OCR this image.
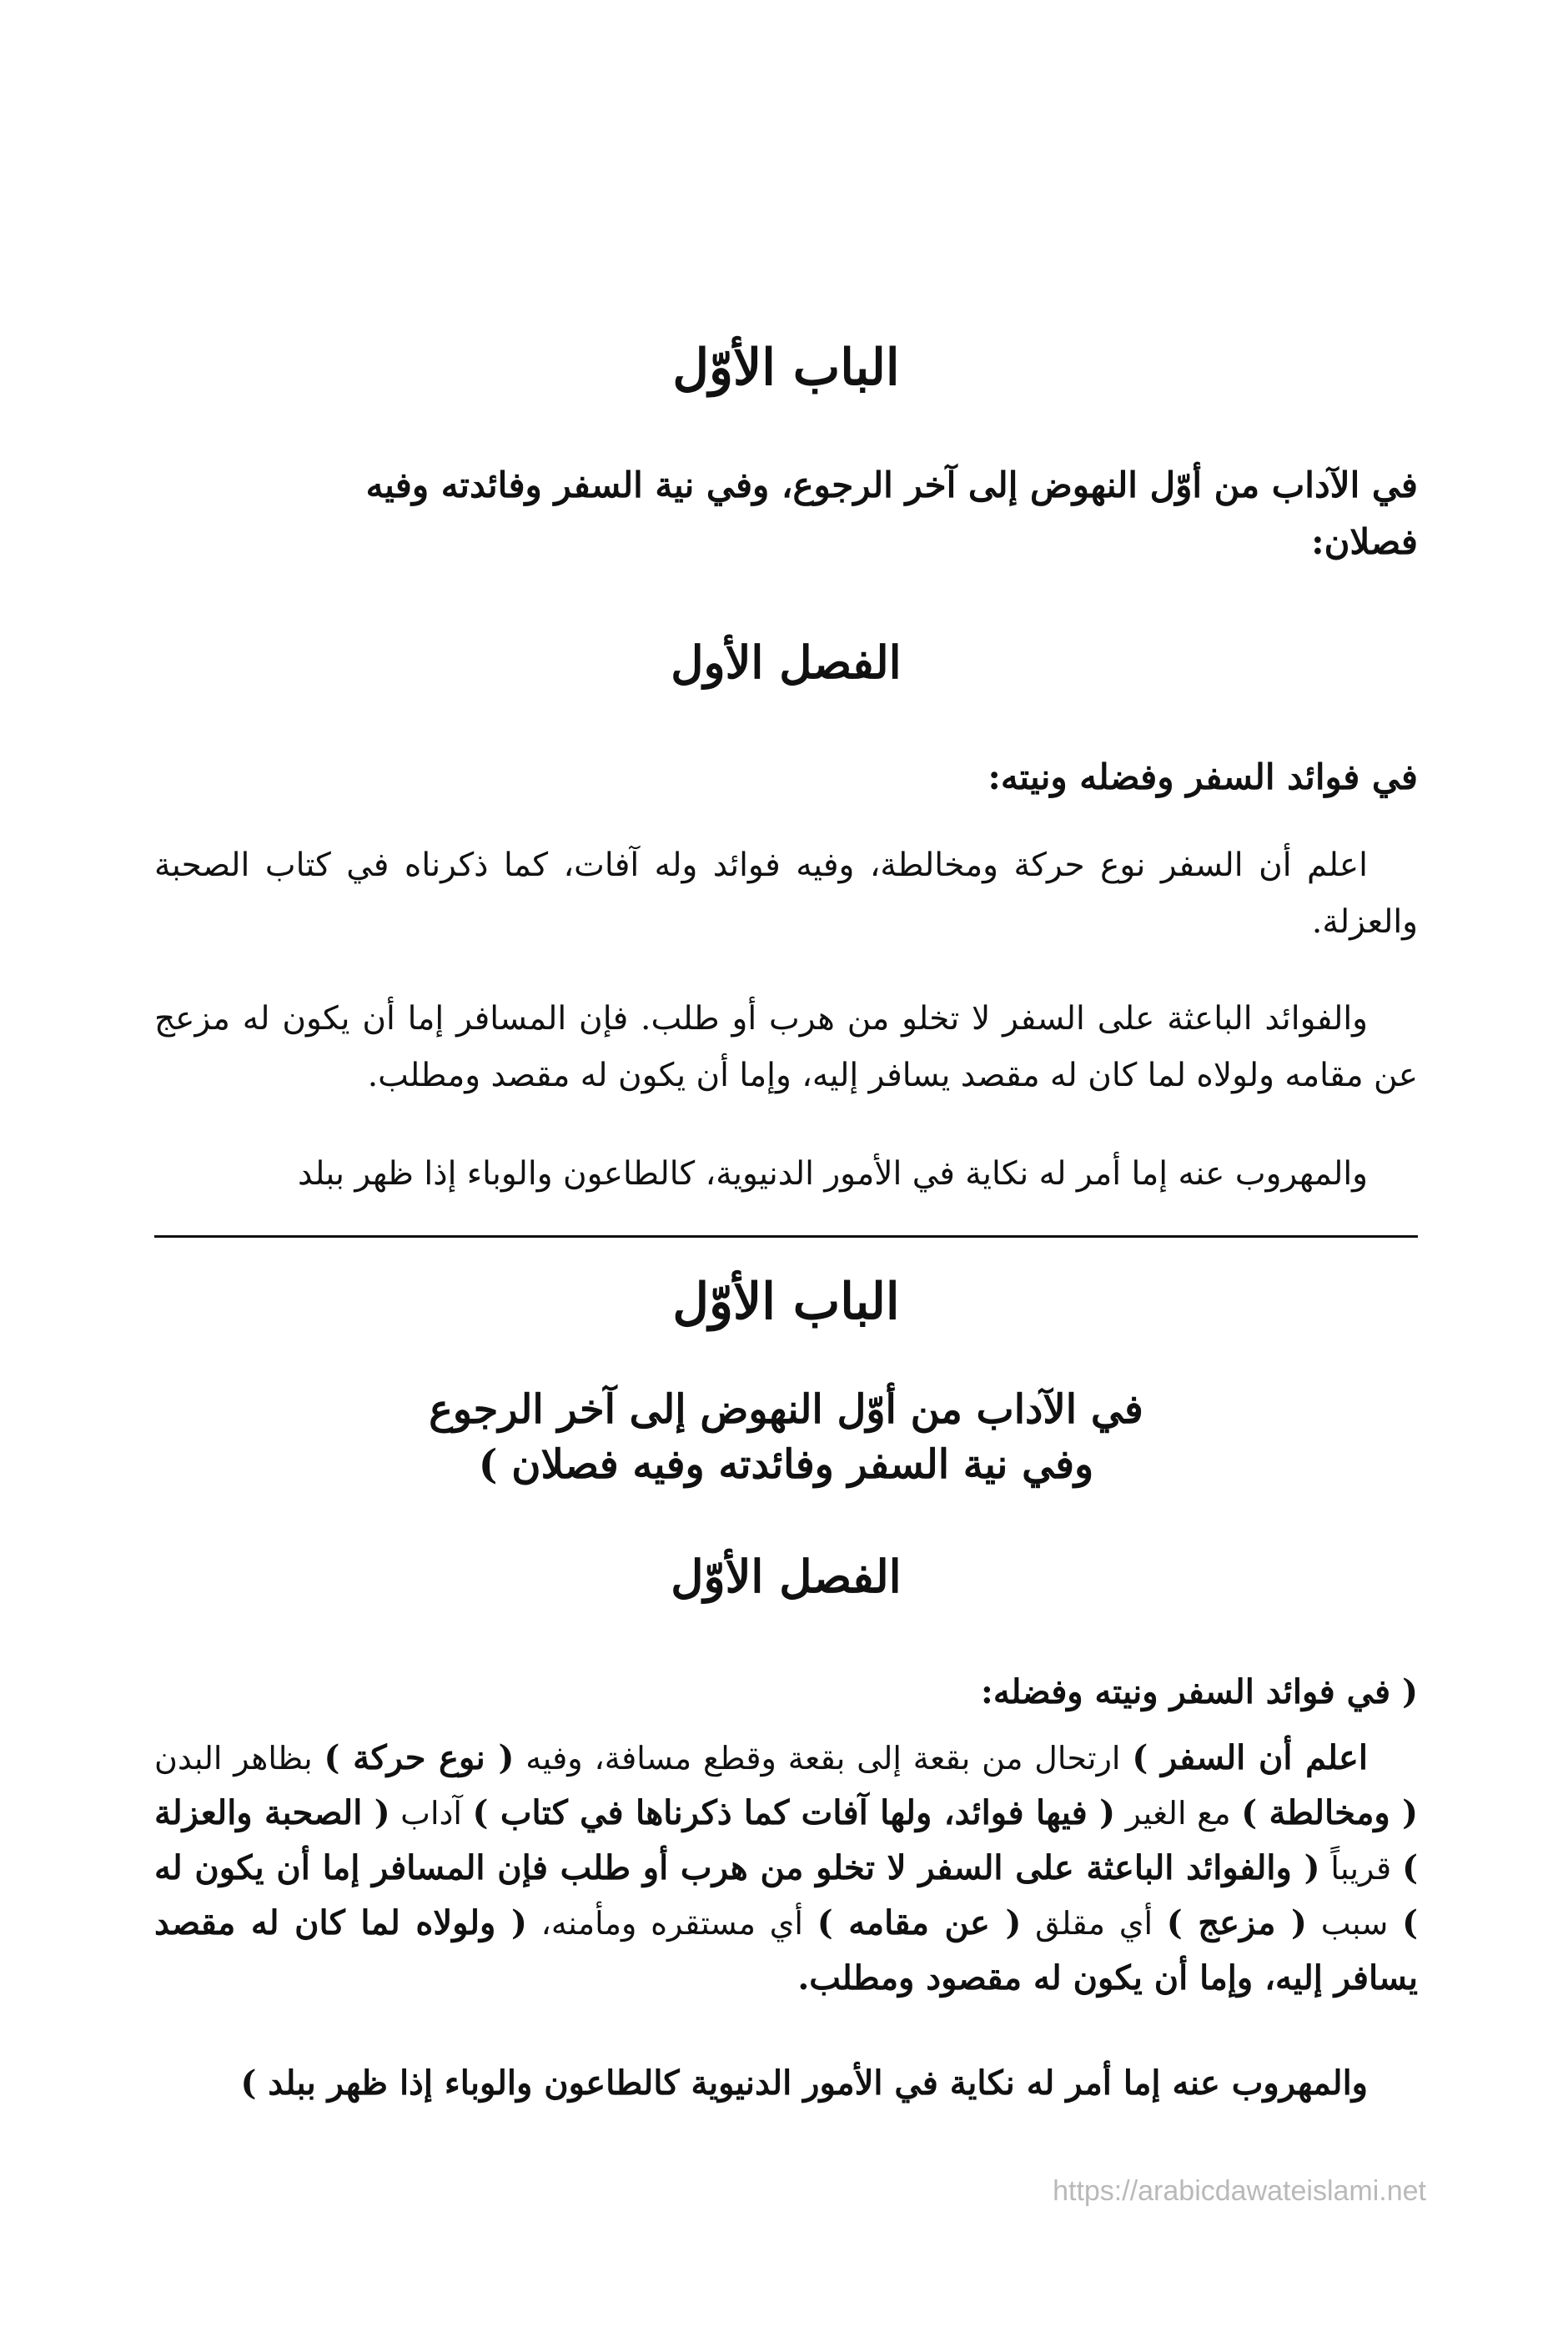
الباب الأوّل

في الآداب من أوّل النهوض إلى آخر الرجوع، وفي نية السفر وفائدته وفيه
فصلان:

الفصل الأول

في فوائد السفر وفضله ونيته:

اعلم أن السفر نوع حركة ومخالطة، وفيه فوائد وله آفات، كما ذكرناه في كتاب الصحبة والعزلة.

والفوائد الباعثة على السفر لا تخلو من هرب أو طلب. فإن المسافر إما أن يكون له مزعج عن مقامه ولولاه لما كان له مقصد يسافر إليه، وإما أن يكون له مقصد ومطلب.

والمهروب عنه إما أمر له نكاية في الأمور الدنيوية، كالطاعون والوباء إذا ظهر ببلد

الباب الأوّل

في الآداب من أوّل النهوض إلى آخر الرجوع
وفي نية السفر وفائدته وفيه فصلان )

الفصل الأوّل

( في فوائد السفر ونيته وفضله:

اعلم أن السفر ) ارتحال من بقعة إلى بقعة وقطع مسافة، وفيه ( نوع حركة ) بظاهر البدن ( ومخالطة ) مع الغير ( فيها فوائد، ولها آفات كما ذكرناها في كتاب ) آداب ( الصحبة والعزلة ) قريباً ( والفوائد الباعثة على السفر لا تخلو من هرب أو طلب فإن المسافر إما أن يكون له ) سبب ( مزعج ) أي مقلق ( عن مقامه ) أي مستقره ومأمنه، ( ولولاه لما كان له مقصد يسافر إليه، وإما أن يكون له مقصود ومطلب.

والمهروب عنه إما أمر له نكاية في الأمور الدنيوية كالطاعون والوباء إذا ظهر ببلد )

https://arabicdawateislami.net
